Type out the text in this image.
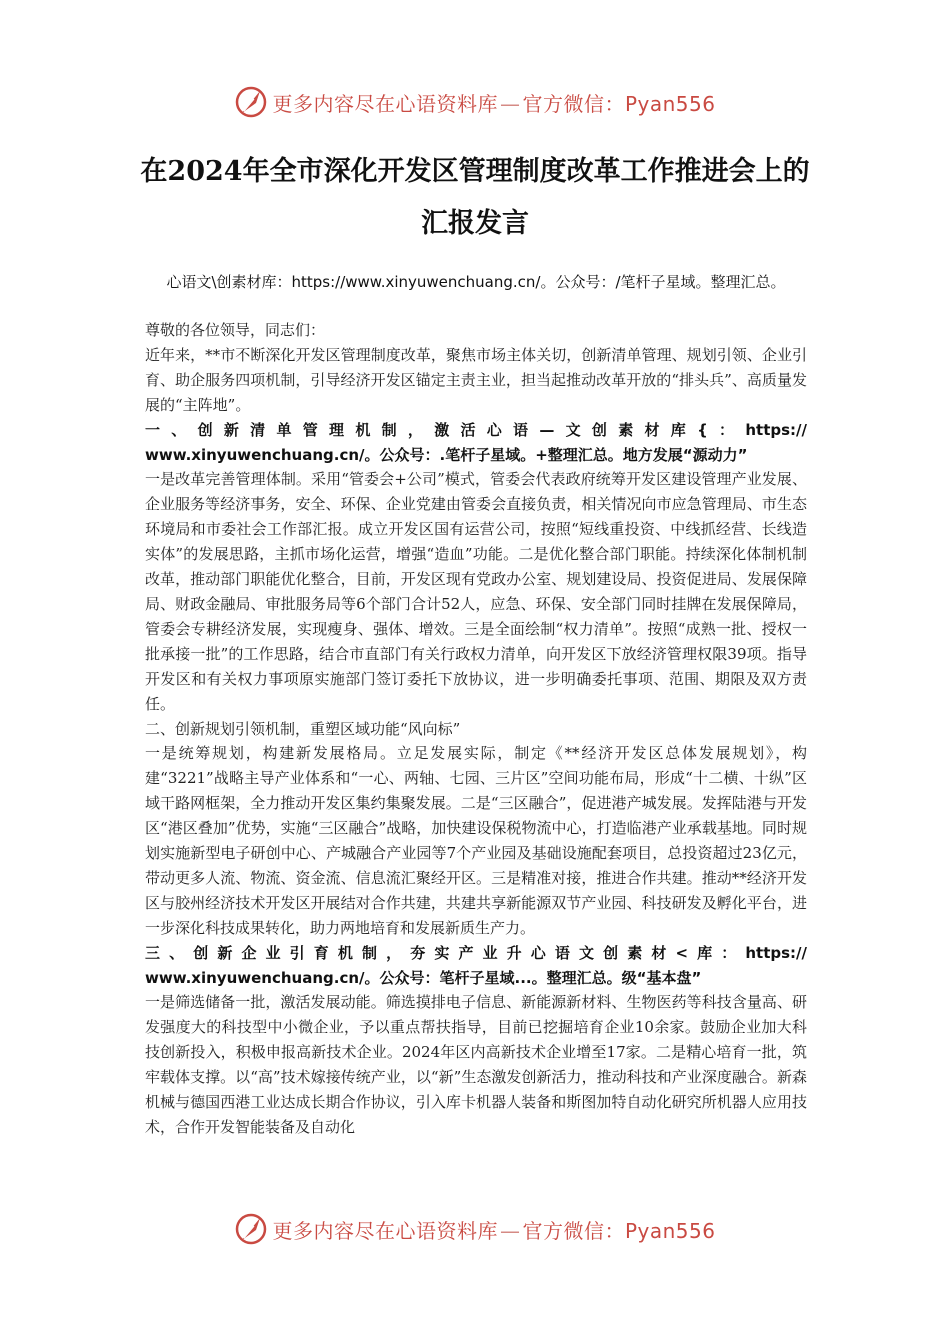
更多内容尽在心语资料库 — 官方微信：Pyan556
在2024年全市深化开发区管理制度改革工作推进会上的汇报发言
心语文\创素材库：https://www.xinyuwenchuang.cn/。公众号：/笔杆子星域。整理汇总。

尊敬的各位领导，同志们：

近年来，**市不断深化开发区管理制度改革，聚焦市场主体关切，创新清单管理、规划引领、企业引育、助企服务四项机制，引导经济开发区锚定主责主业，担当起推动改革开放的“排头兵”、高质量发展的“主阵地”。

一、创新清单管理机制，激活心语—文创素材库{：https://

www.xinyuwenchuang.cn/。公众号：.笔杆子星域。+整理汇总。地方发展“源动力”

一是改革完善管理体制。采用“管委会+公司”模式，管委会代表政府统筹开发区建设管理产业发展、企业服务等经济事务，安全、环保、企业党建由管委会直接负责，相关情况向市应急管理局、市生态环境局和市委社会工作部汇报。成立开发区国有运营公司，按照“短线重投资、中线抓经营、长线造实体”的发展思路，主抓市场化运营，增强“造血”功能。二是优化整合部门职能。持续深化体制机制改革，推动部门职能优化整合，目前，开发区现有党政办公室、规划建设局、投资促进局、发展保障局、财政金融局、审批服务局等6个部门合计52人，应急、环保、安全部门同时挂牌在发展保障局，管委会专耕经济发展，实现瘦身、强体、增效。三是全面绘制“权力清单”。按照“成熟一批、授权一批承接一批”的工作思路，结合市直部门有关行政权力清单，向开发区下放经济管理权限39项。指导开发区和有关权力事项原实施部门签订委托下放协议，进一步明确委托事项、范围、期限及双方责任。

二、创新规划引领机制，重塑区域功能“风向标”

一是统筹规划，构建新发展格局。立足发展实际，制定《**经济开发区总体发展规划》，构建“3221”战略主导产业体系和“一心、两轴、七园、三片区”空间功能布局，形成“十二横、十纵”区域干路网框架，全力推动开发区集约集聚发展。二是“三区融合”，促进港产城发展。发挥陆港与开发区“港区叠加”优势，实施“三区融合”战略，加快建设保税物流中心，打造临港产业承载基地。同时规划实施新型电子研创中心、产城融合产业园等7个产业园及基础设施配套项目，总投资超过23亿元，带动更多人流、物流、资金流、信息流汇聚经开区。三是精准对接，推进合作共建。推动**经济开发区与胶州经济技术开发区开展结对合作共建，共建共享新能源双节产业园、科技研发及孵化平台，进一步深化科技成果转化，助力两地培育和发展新质生产力。

三、创新企业引育机制，夯实产业升心语文创素材<库：https://

www.xinyuwenchuang.cn/。公众号：笔杆子星域...。整理汇总。级“基本盘”

一是筛选储备一批，激活发展动能。筛选摸排电子信息、新能源新材料、生物医药等科技含量高、研发强度大的科技型中小微企业，予以重点帮扶指导，目前已挖掘培育企业10余家。鼓励企业加大科技创新投入，积极申报高新技术企业。2024年区内高新技术企业增至17家。二是精心培育一批，筑牢载体支撑。以“高”技术嫁接传统产业，以“新”生态激发创新活力，推动科技和产业深度融合。新森机械与德国西港工业达成长期合作协议，引入库卡机器人装备和斯图加特自动化研究所机器人应用技术，合作开发智能装备及自动化

更多内容尽在心语资料库 — 官方微信：Pyan556
